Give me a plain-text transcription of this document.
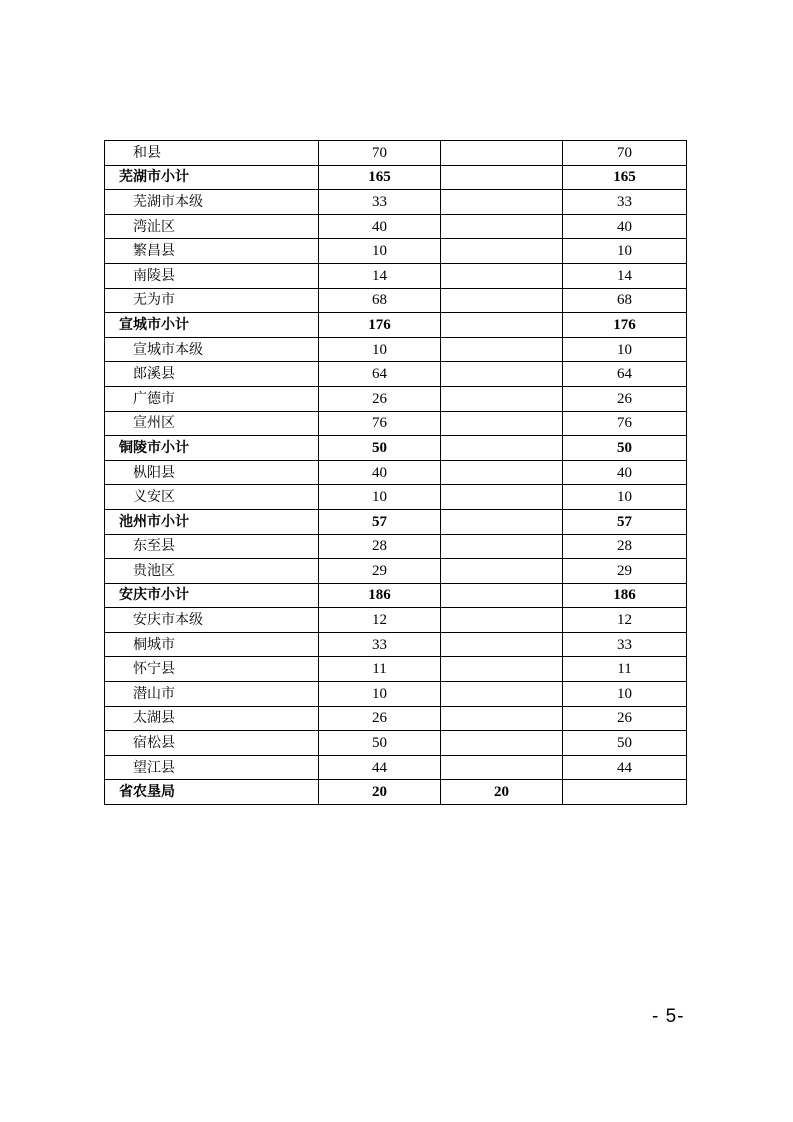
和县	70		70
芜湖市小计	165		165
芜湖市本级	33		33
湾沚区	40		40
繁昌县	10		10
南陵县	14		14
无为市	68		68
宣城市小计	176		176
宣城市本级	10		10
郎溪县	64		64
广德市	26		26
宣州区	76		76
铜陵市小计	50		50
枞阳县	40		40
义安区	10		10
池州市小计	57		57
东至县	28		28
贵池区	29		29
安庆市小计	186		186
安庆市本级	12		12
桐城市	33		33
怀宁县	11		11
潜山市	10		10
太湖县	26		26
宿松县	50		50
望江县	44		44
省农垦局	20	20	
- 5-
